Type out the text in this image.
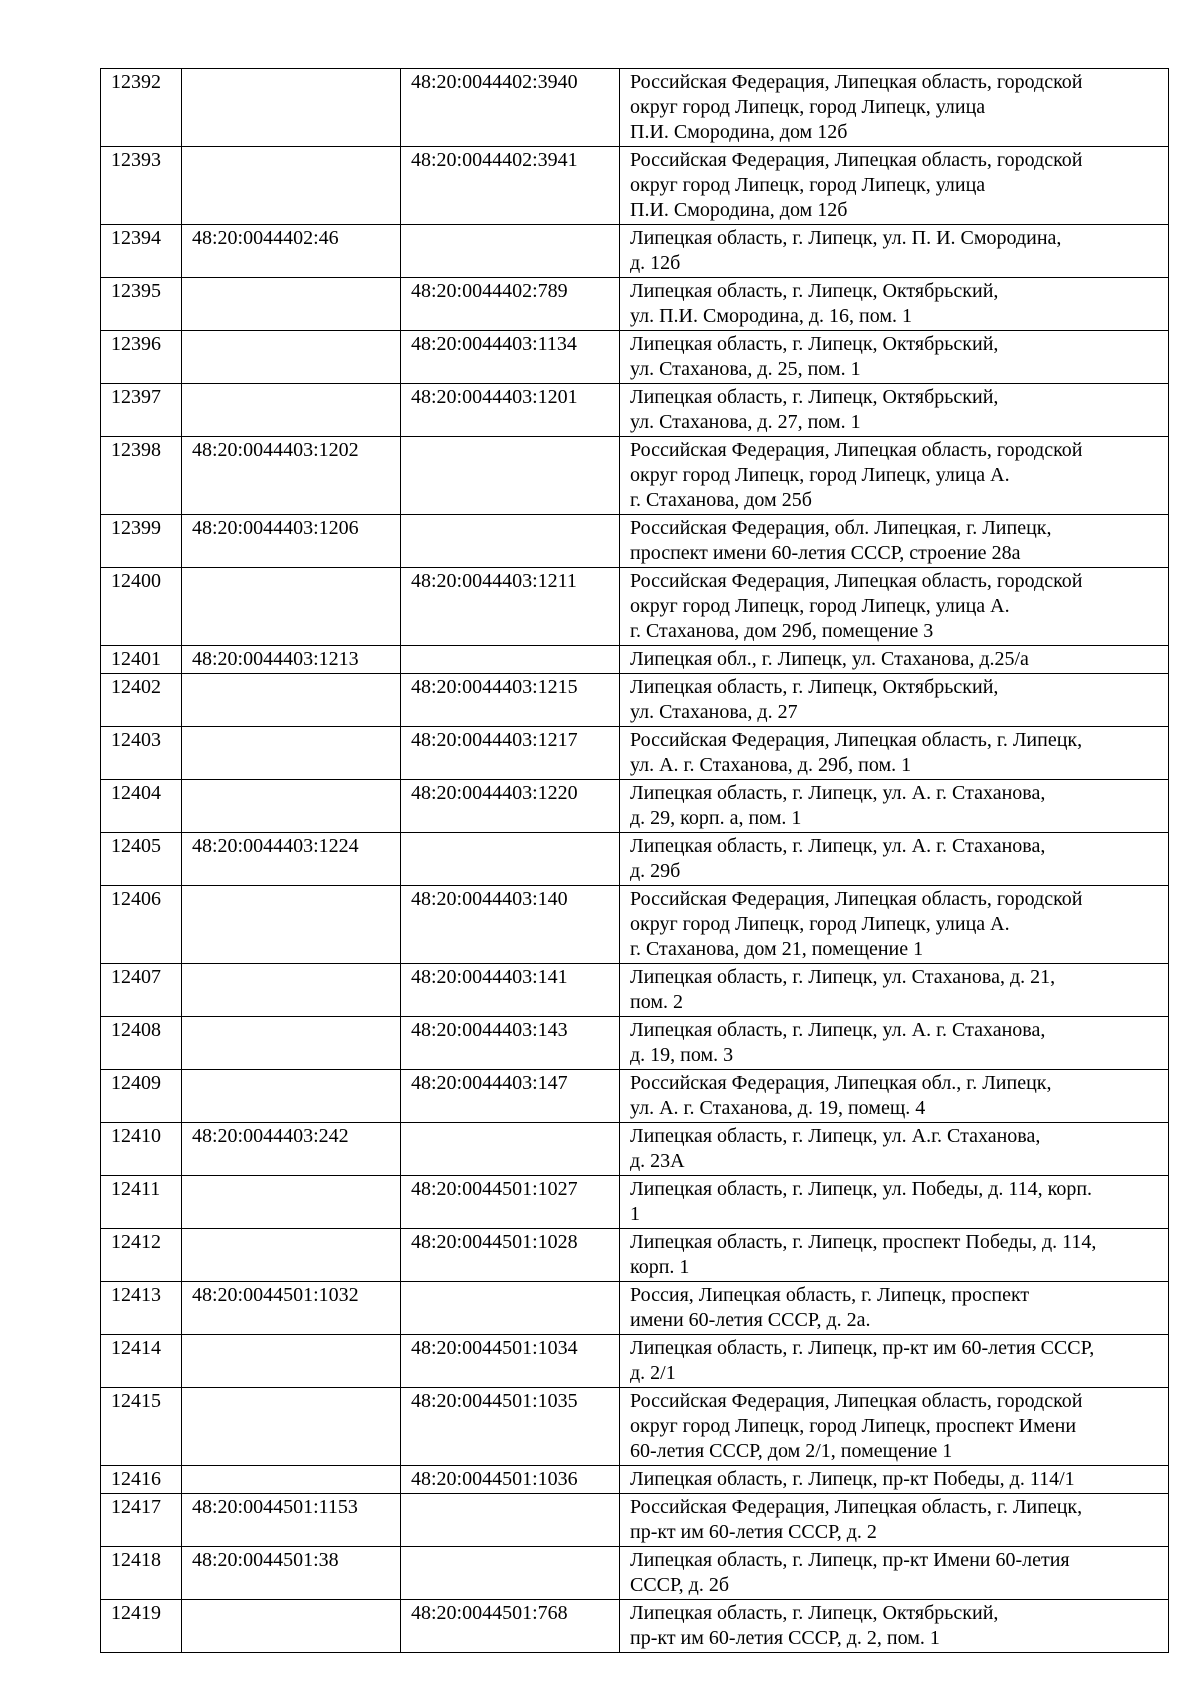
12392		48:20:0044402:3940	Российская Федерация, Липецкая область, городской
округ город Липецк, город Липецк, улица
П.И. Смородина, дом 12б
12393		48:20:0044402:3941	Российская Федерация, Липецкая область, городской
округ город Липецк, город Липецк, улица
П.И. Смородина, дом 12б
12394	48:20:0044402:46		Липецкая область, г. Липецк, ул. П. И. Смородина,
д. 12б
12395		48:20:0044402:789	Липецкая область, г. Липецк, Октябрьский,
ул. П.И. Смородина, д. 16, пом. 1
12396		48:20:0044403:1134	Липецкая область, г. Липецк, Октябрьский,
ул. Стаханова, д. 25, пом. 1
12397		48:20:0044403:1201	Липецкая область, г. Липецк, Октябрьский,
ул. Стаханова, д. 27, пом. 1
12398	48:20:0044403:1202		Российская Федерация, Липецкая область, городской
округ город Липецк, город Липецк, улица А.
г. Стаханова, дом 25б
12399	48:20:0044403:1206		Российская Федерация, обл. Липецкая, г. Липецк,
проспект имени 60-летия СССР, строение 28а
12400		48:20:0044403:1211	Российская Федерация, Липецкая область, городской
округ город Липецк, город Липецк, улица А.
г. Стаханова, дом 29б, помещение 3
12401	48:20:0044403:1213		Липецкая обл., г. Липецк, ул. Стаханова, д.25/а
12402		48:20:0044403:1215	Липецкая область, г. Липецк, Октябрьский,
ул. Стаханова, д. 27
12403		48:20:0044403:1217	Российская Федерация, Липецкая область, г. Липецк,
ул. А. г. Стаханова, д. 29б, пом. 1
12404		48:20:0044403:1220	Липецкая область, г. Липецк, ул. А. г. Стаханова,
д. 29, корп. а, пом. 1
12405	48:20:0044403:1224		Липецкая область, г. Липецк, ул. А. г. Стаханова,
д. 29б
12406		48:20:0044403:140	Российская Федерация, Липецкая область, городской
округ город Липецк, город Липецк, улица А.
г. Стаханова, дом 21, помещение 1
12407		48:20:0044403:141	Липецкая область, г. Липецк, ул. Стаханова, д. 21,
пом. 2
12408		48:20:0044403:143	Липецкая область, г. Липецк, ул. А. г. Стаханова,
д. 19, пом. 3
12409		48:20:0044403:147	Российская Федерация, Липецкая обл., г. Липецк,
ул. А. г. Стаханова, д. 19, помещ. 4
12410	48:20:0044403:242		Липецкая область, г. Липецк, ул. А.г. Стаханова,
д. 23А
12411		48:20:0044501:1027	Липецкая область, г. Липецк, ул. Победы, д. 114, корп.
1
12412		48:20:0044501:1028	Липецкая область, г. Липецк, проспект Победы, д. 114,
корп. 1
12413	48:20:0044501:1032		Россия, Липецкая область, г. Липецк, проспект
имени 60-летия СССР, д. 2а.
12414		48:20:0044501:1034	Липецкая область, г. Липецк, пр-кт им 60-летия СССР,
д. 2/1
12415		48:20:0044501:1035	Российская Федерация, Липецкая область, городской
округ город Липецк, город Липецк, проспект Имени
60-летия СССР, дом 2/1, помещение 1
12416		48:20:0044501:1036	Липецкая область, г. Липецк, пр-кт Победы, д. 114/1
12417	48:20:0044501:1153		Российская Федерация, Липецкая область, г. Липецк,
пр-кт им 60-летия СССР, д. 2
12418	48:20:0044501:38		Липецкая область, г. Липецк, пр-кт Имени 60-летия
СССР, д. 2б
12419		48:20:0044501:768	Липецкая область, г. Липецк, Октябрьский,
пр-кт им 60-летия СССР, д. 2, пом. 1
